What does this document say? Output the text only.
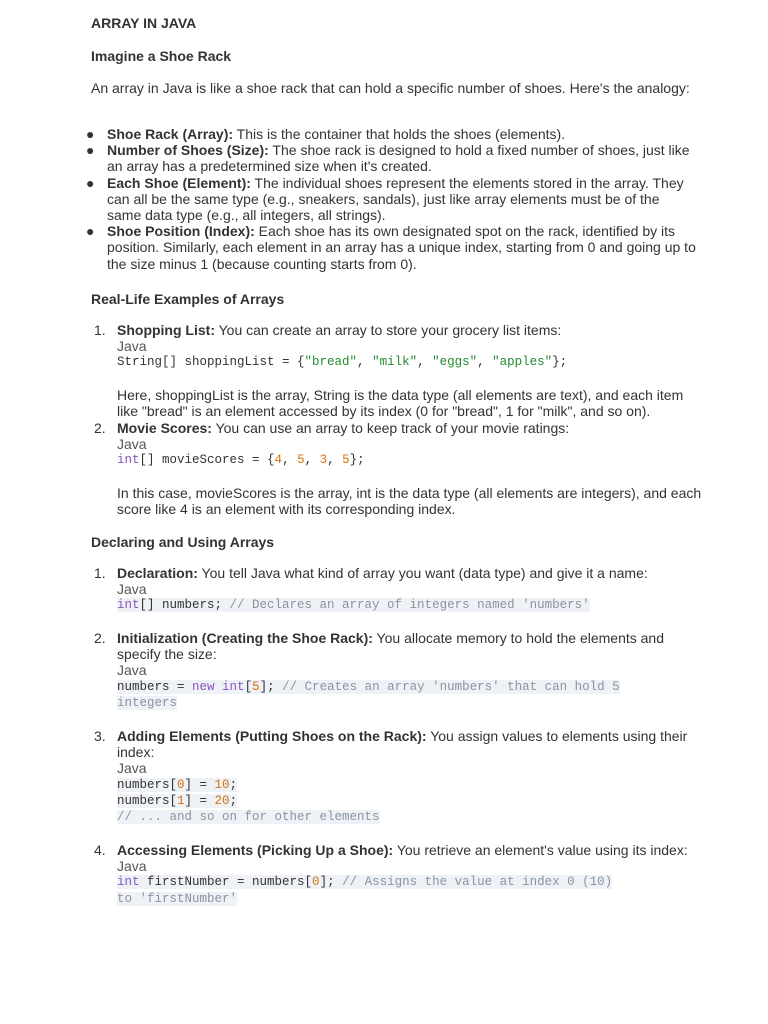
ARRAY IN JAVA
Imagine a Shoe Rack
An array in Java is like a shoe rack that can hold a specific number of shoes. Here's the analogy:
● Shoe Rack (Array): This is the container that holds the shoes (elements).
● Number of Shoes (Size): The shoe rack is designed to hold a fixed number of shoes, just like an array has a predetermined size when it's created.
● Each Shoe (Element): The individual shoes represent the elements stored in the array. They can all be the same type (e.g., sneakers, sandals), just like array elements must be of the same data type (e.g., all integers, all strings).
● Shoe Position (Index): Each shoe has its own designated spot on the rack, identified by its position. Similarly, each element in an array has a unique index, starting from 0 and going up to the size minus 1 (because counting starts from 0).
Real-Life Examples of Arrays
1. Shopping List: You can create an array to store your grocery list items:
Java
String[] shoppingList = {"bread", "milk", "eggs", "apples"};
Here, shoppingList is the array, String is the data type (all elements are text), and each item like "bread" is an element accessed by its index (0 for "bread", 1 for "milk", and so on).
2. Movie Scores: You can use an array to keep track of your movie ratings:
Java
int[] movieScores = {4, 5, 3, 5};
In this case, movieScores is the array, int is the data type (all elements are integers), and each score like 4 is an element with its corresponding index.
Declaring and Using Arrays
1. Declaration: You tell Java what kind of array you want (data type) and give it a name:
Java
int[] numbers; // Declares an array of integers named 'numbers'
2. Initialization (Creating the Shoe Rack): You allocate memory to hold the elements and specify the size:
Java
numbers = new int[5]; // Creates an array 'numbers' that can hold 5
integers
3. Adding Elements (Putting Shoes on the Rack): You assign values to elements using their index:
Java
numbers[0] = 10;
numbers[1] = 20;
// ... and so on for other elements
4. Accessing Elements (Picking Up a Shoe): You retrieve an element's value using its index:
Java
int firstNumber = numbers[0]; // Assigns the value at index 0 (10)
to 'firstNumber'
